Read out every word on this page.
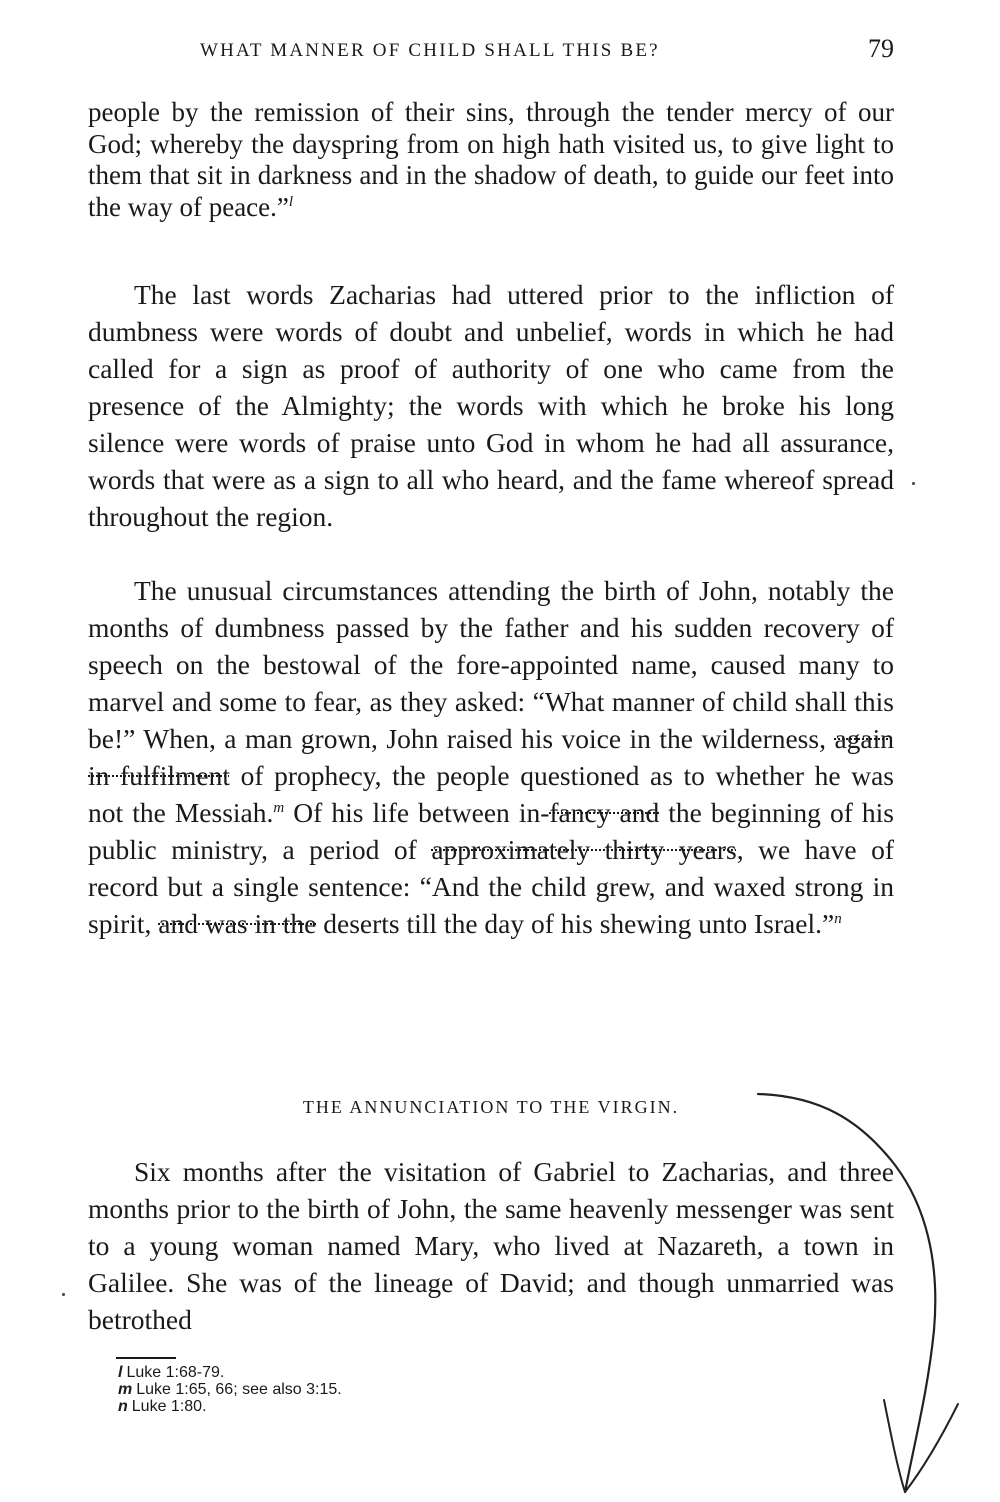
WHAT MANNER OF CHILD SHALL THIS BE?	79

people by the remission of their sins, through the tender mercy of our God; whereby the dayspring from on high hath visited us, to give light to them that sit in darkness and in the shadow of death, to guide our feet into the way of peace.”$^l$

The last words Zacharias had uttered prior to the infliction of dumbness were words of doubt and unbelief, words in which he had called for a sign as proof of authority of one who came from the presence of the Almighty; the words with which he broke his long silence were words of praise unto God in whom he had all assurance, words that were as a sign to all who heard, and the fame whereof spread throughout the region.

The unusual circumstances attending the birth of John, notably the months of dumbness passed by the father and his sudden recovery of speech on the bestowal of the fore-appointed name, caused many to marvel and some to fear, as they asked: “What manner of child shall this be!” When, a man grown, John raised his voice in the wilderness, again in fulfilment of prophecy, the people questioned as to whether he was not the Messiah.$^m$ Of his life between in-fancy and the beginning of his public ministry, a period of approximately thirty years, we have of record but a single sentence: “And the child grew, and waxed strong in spirit, and was in the deserts till the day of his shewing unto Israel.”$^n$

THE ANNUNCIATION TO THE VIRGIN.

Six months after the visitation of Gabriel to Zacharias, and three months prior to the birth of John, the same heavenly messenger was sent to a young woman named Mary, who lived at Nazareth, a town in Galilee. She was of the lineage of David; and though unmarried was betrothed

l Luke 1:68-79.
m Luke 1:65, 66; see also 3:15.
n Luke 1:80.
